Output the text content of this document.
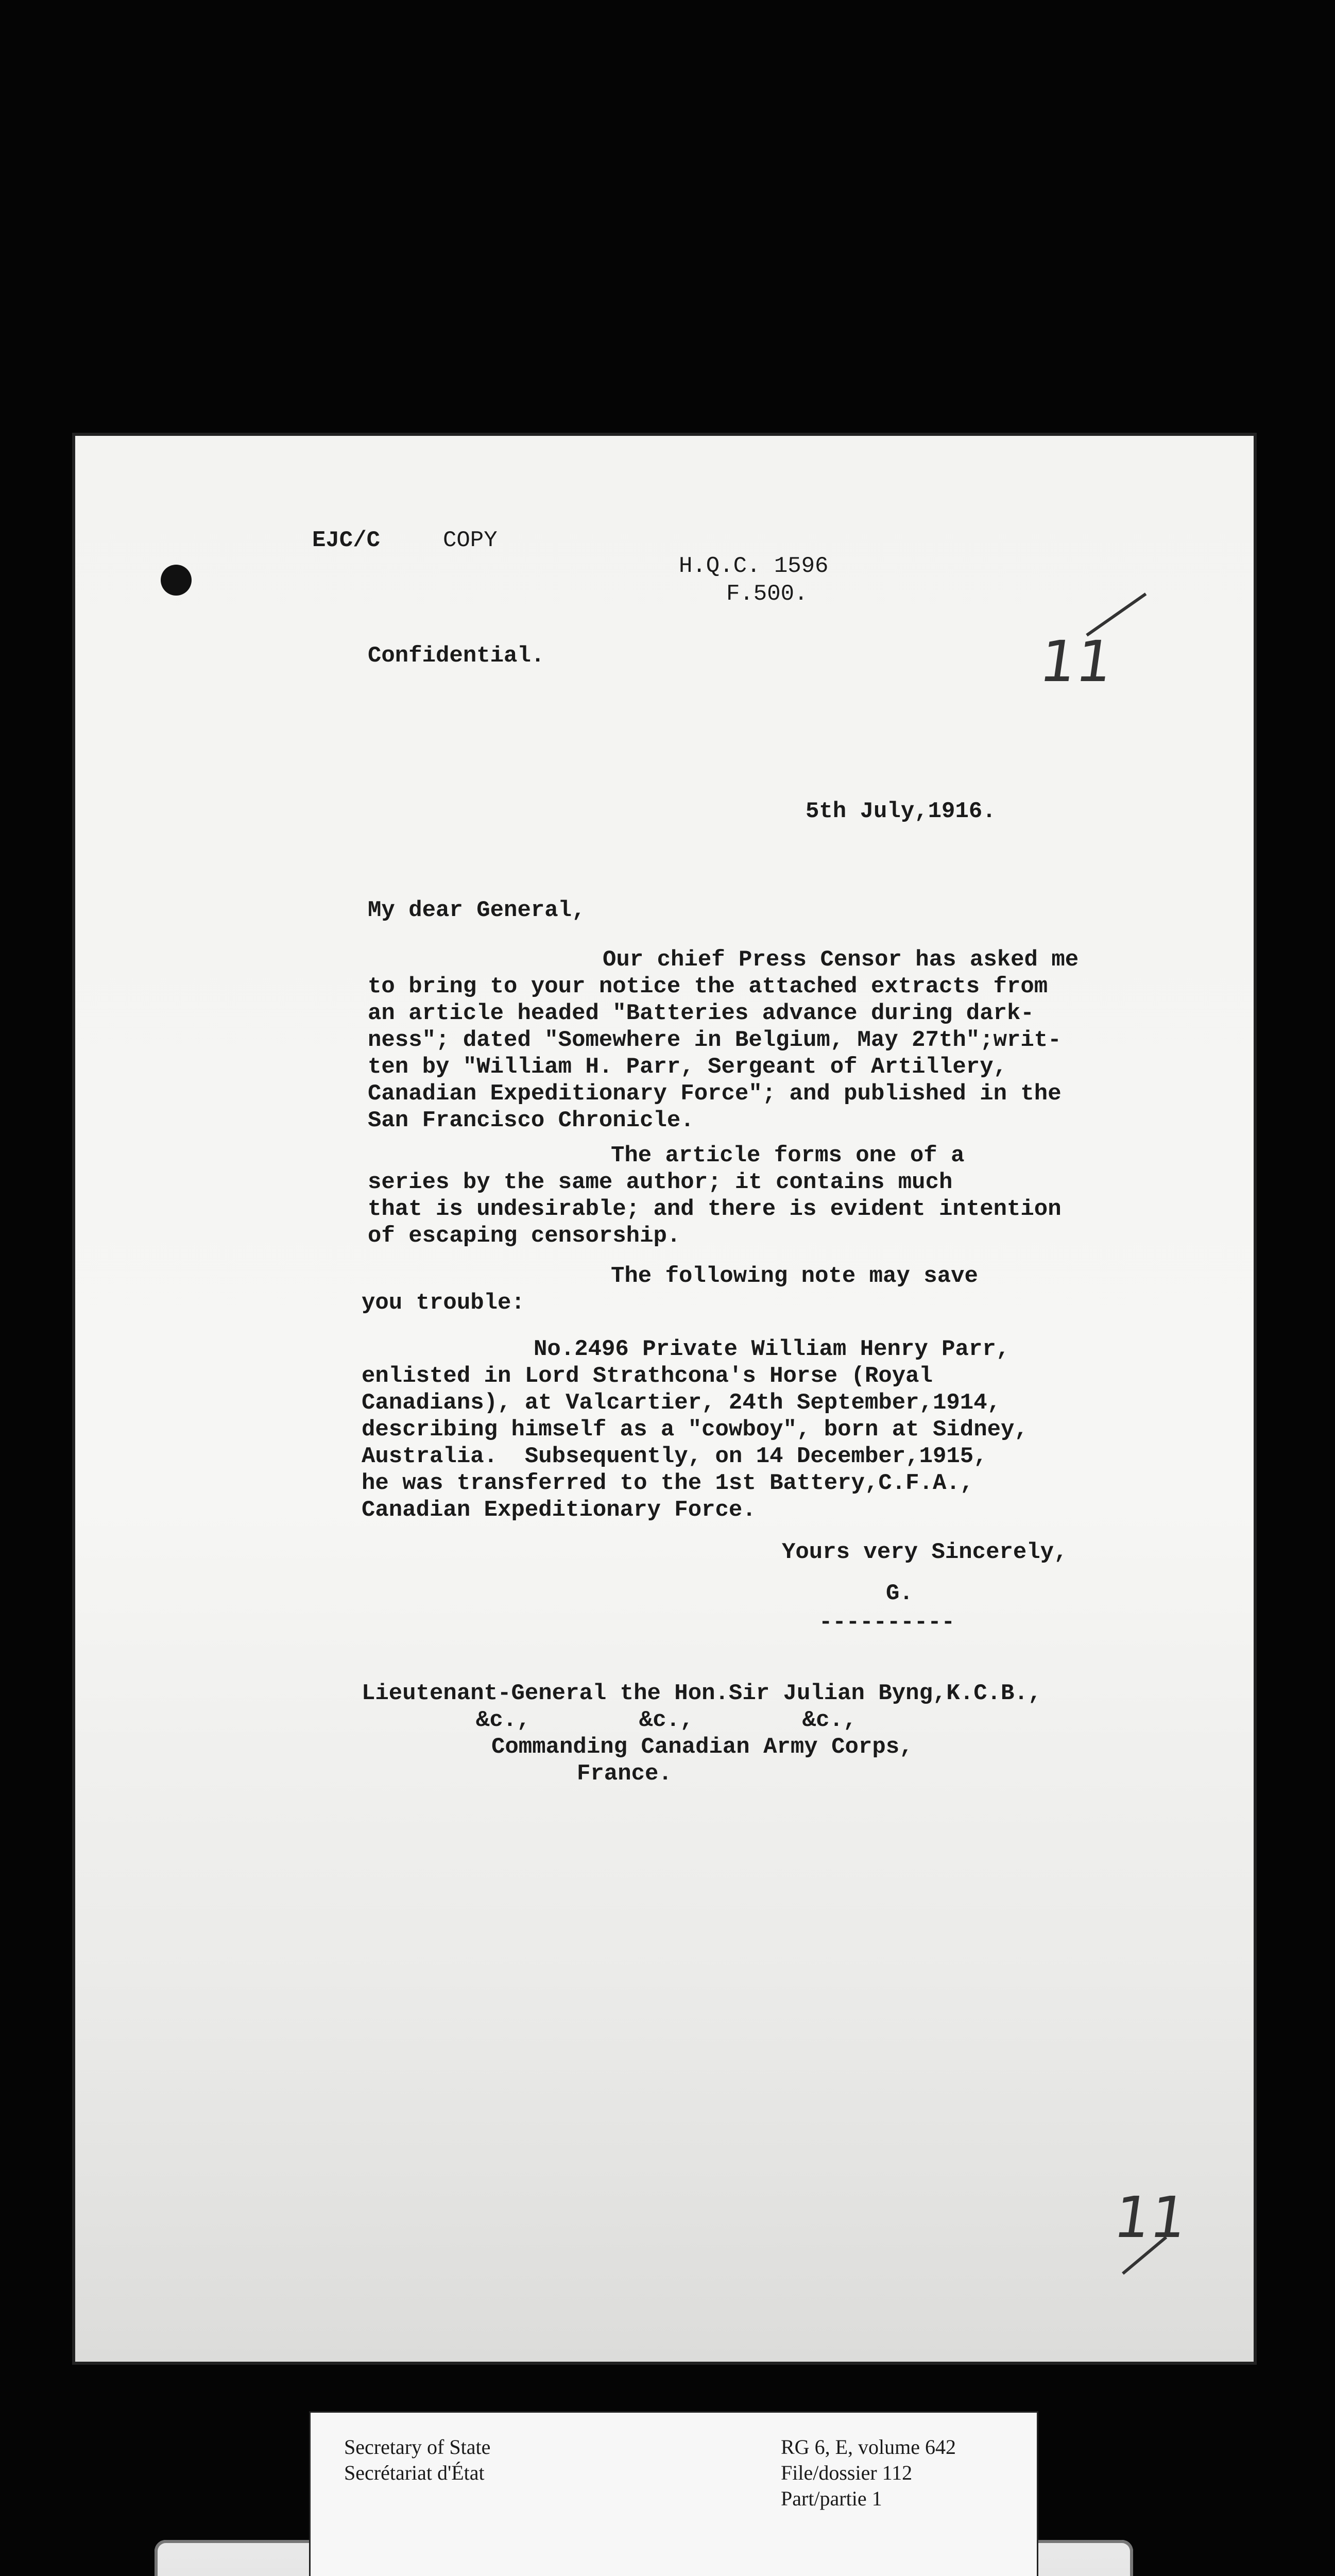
EJC/C	COPY
H.Q.C. 1596
F.500.
Confidential.	11
5th July,1916.
My dear General,
Our chief Press Censor has asked me
to bring to your notice the attached extracts from
an article headed "Batteries advance during dark-
ness"; dated "Somewhere in Belgium, May 27th";writ-
ten by "William H. Parr, Sergeant of Artillery,
Canadian Expeditionary Force"; and published in the
San Francisco Chronicle.
The article forms one of a
series by the same author; it contains much
that is undesirable; and there is evident intention
of escaping censorship.
The following note may save
you trouble:
No.2496 Private William Henry Parr,
enlisted in Lord Strathcona's Horse (Royal
Canadians), at Valcartier, 24th September,1914,
describing himself as a "cowboy", born at Sidney,
Australia.  Subsequently, on 14 December,1915,
he was transferred to the 1st Battery,C.F.A.,
Canadian Expeditionary Force.
Yours very Sincerely,
G.
----------
Lieutenant-General the Hon.Sir Julian Byng,K.C.B.,
&c.,        &c.,        &c.,
Commanding Canadian Army Corps,
France.
11
Secretary of State
Secrétariat d'État
RG 6, E, volume 642
File/dossier 112
Part/partie 1
